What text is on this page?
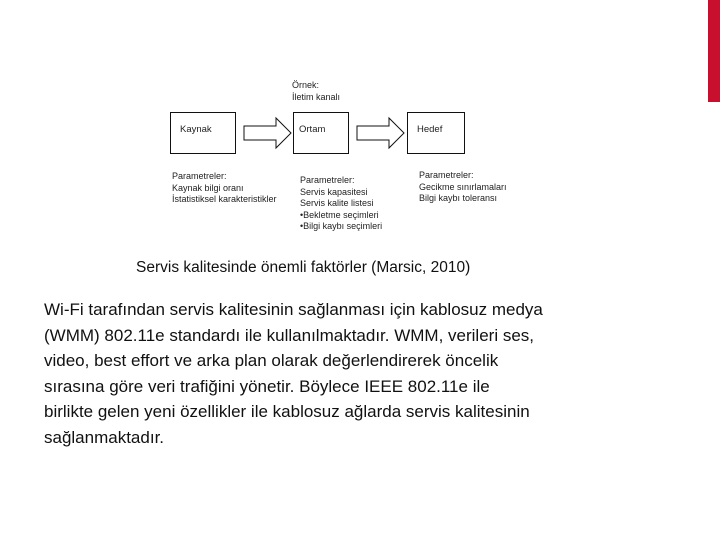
Örnek:
İletim kanalı
Kaynak	Ortam	Hedef
Parametreler:
Kaynak bilgi oranı
İstatistiksel karakteristikler
Parametreler:
Servis kapasitesi
Servis kalite listesi
•Bekletme seçimleri
•Bilgi kaybı seçimleri
Parametreler:
Gecikme sınırlamaları
Bilgi kaybı toleransı
Servis kalitesinde önemli faktörler (Marsic, 2010)
Wi-Fi tarafından servis kalitesinin sağlanması için kablosuz medya
(WMM) 802.11e standardı ile kullanılmaktadır. WMM, verileri ses,
video, best effort ve arka plan olarak değerlendirerek öncelik
sırasına göre veri trafiğini yönetir. Böylece IEEE 802.11e ile
birlikte gelen yeni özellikler ile kablosuz ağlarda servis kalitesinin
sağlanmaktadır.
